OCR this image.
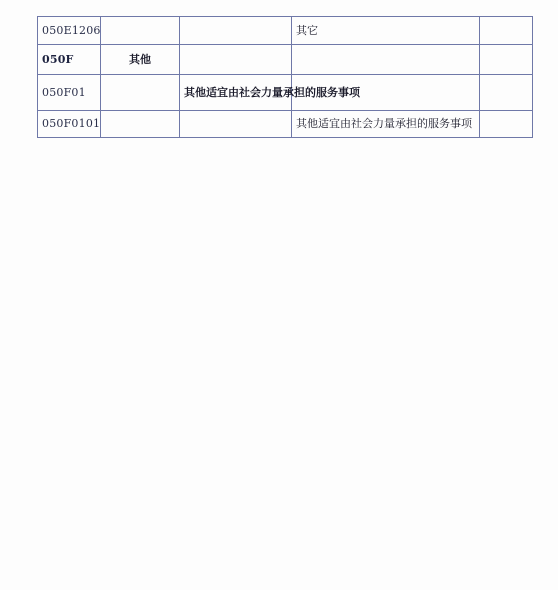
050E1206			其它	
050F	其他			
050F01		其他适宜由社会力量承担的服务事项		
050F0101			其他适宜由社会力量承担的服务事项	
